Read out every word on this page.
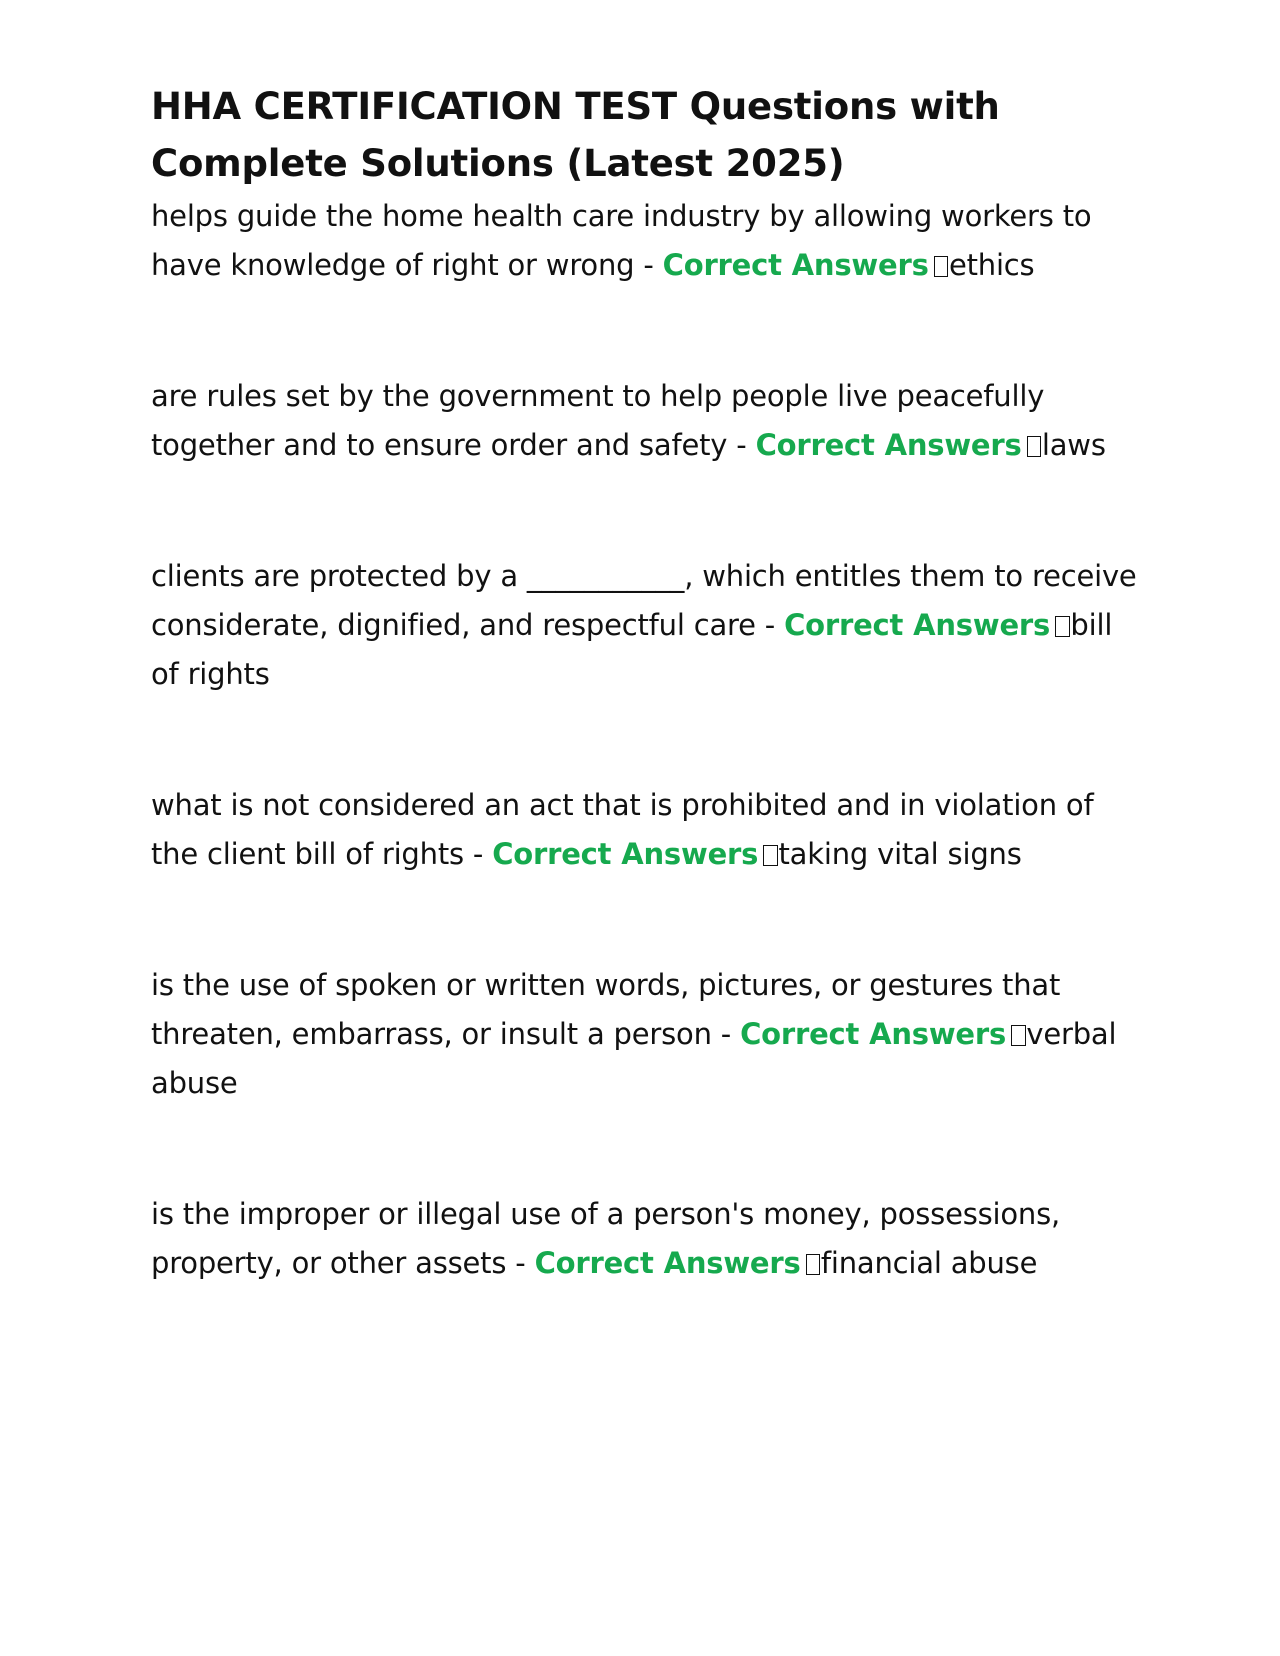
HHA CERTIFICATION TEST Questions with Complete Solutions (Latest 2025)

helps guide the home health care industry by allowing workers to have knowledge of right or wrong - Correct Answers ethics

are rules set by the government to help people live peacefully together and to ensure order and safety - Correct Answers laws

clients are protected by a ___________, which entitles them to receive considerate, dignified, and respectful care - Correct Answers bill of rights

what is not considered an act that is prohibited and in violation of the client bill of rights - Correct Answers taking vital signs

is the use of spoken or written words, pictures, or gestures that threaten, embarrass, or insult a person - Correct Answers verbal abuse

is the improper or illegal use of a person's money, possessions, property, or other assets - Correct Answers financial abuse
